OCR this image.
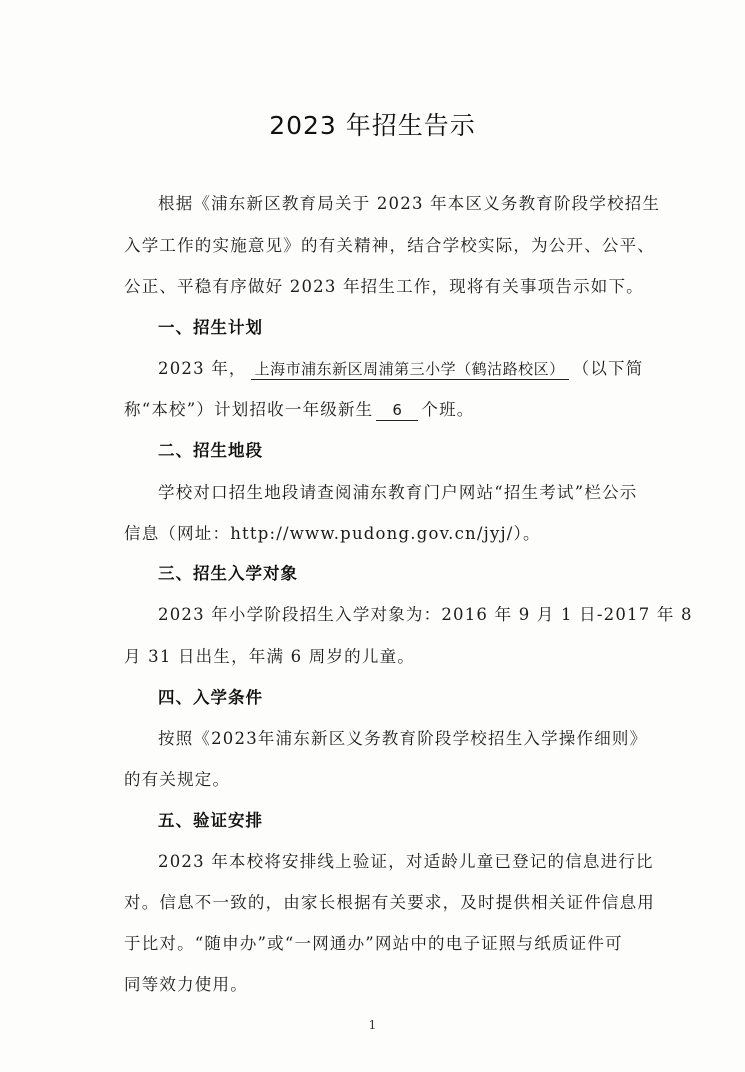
2023 年招生告示
根据《浦东新区教育局关于 2023 年本区义务教育阶段学校招生
入学工作的实施意见》的有关精神，结合学校实际，为公开、公平、
公正、平稳有序做好 2023 年招生工作，现将有关事项告示如下。
一、招生计划
2023 年， 上海市浦东新区周浦第三小学（鹤沽路校区） （以下简
称“本校”）计划招收一年级新生 6 个班。
二、招生地段
学校对口招生地段请查阅浦东教育门户网站“招生考试”栏公示
信息（网址：http://www.pudong.gov.cn/jyj/）。
三、招生入学对象
2023 年小学阶段招生入学对象为：2016 年 9 月 1 日-2017 年 8
月 31 日出生，年满 6 周岁的儿童。
四、入学条件
按照《2023年浦东新区义务教育阶段学校招生入学操作细则》
的有关规定。
五、验证安排
2023 年本校将安排线上验证，对适龄儿童已登记的信息进行比
对。信息不一致的，由家长根据有关要求，及时提供相关证件信息用
于比对。“随申办”或“一网通办”网站中的电子证照与纸质证件可
同等效力使用。
1
